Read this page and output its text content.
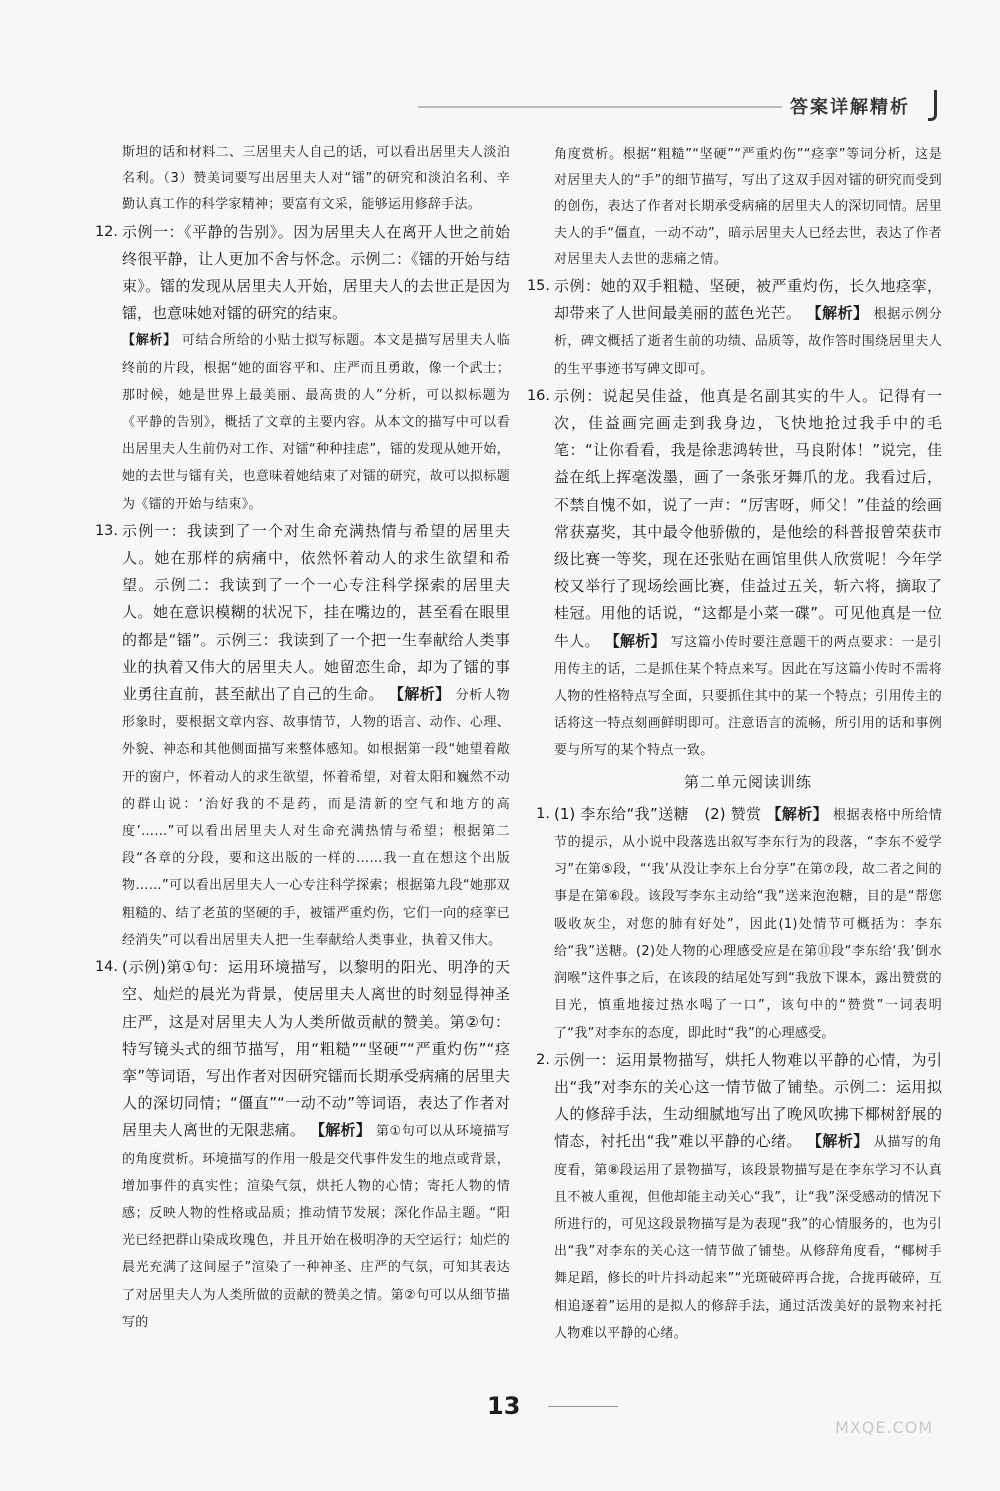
答案详解精析

斯坦的话和材料二、三居里夫人自己的话，可以看出居里夫人淡泊名利。（3）赞美词要写出居里夫人对“镭”的研究和淡泊名利、辛勤认真工作的科学家精神；要富有文采，能够运用修辞手法。

12. 示例一：《平静的告别》。因为居里夫人在离开人世之前始终很平静，让人更加不舍与怀念。示例二：《镭的开始与结束》。镭的发现从居里夫人开始，居里夫人的去世正是因为镭，也意味她对镭的研究的结束。
【解析】 可结合所给的小贴士拟写标题。本文是描写居里夫人临终前的片段，根据“她的面容平和、庄严而且勇敢，像一个武士；那时候，她是世界上最美丽、最高贵的人”分析，可以拟标题为《平静的告别》，概括了文章的主要内容。从本文的描写中可以看出居里夫人生前仍对工作、对镭“种种挂虑”，镭的发现从她开始，她的去世与镭有关，也意味着她结束了对镭的研究，故可以拟标题为《镭的开始与结束》。
13. 示例一：我读到了一个对生命充满热情与希望的居里夫人。她在那样的病痛中，依然怀着动人的求生欲望和希望。示例二：我读到了一个一心专注科学探索的居里夫人。她在意识模糊的状况下，挂在嘴边的，甚至看在眼里的都是“镭”。示例三：我读到了一个把一生奉献给人类事业的执着又伟大的居里夫人。她留恋生命，却为了镭的事业勇往直前，甚至献出了自己的生命。 【解析】 分析人物形象时，要根据文章内容、故事情节，人物的语言、动作、心理、外貌、神态和其他侧面描写来整体感知。如根据第一段“她望着敞开的窗户，怀着动人的求生欲望，怀着希望，对着太阳和巍然不动的群山说：‘治好我的不是药，而是清新的空气和地方的高度’……”可以看出居里夫人对生命充满热情与希望；根据第二段“各章的分段，要和这出版的一样的……我一直在想这个出版物……”可以看出居里夫人一心专注科学探索；根据第九段“她那双粗糙的、结了老茧的坚硬的手，被镭严重灼伤，它们一向的痉挛已经消失”可以看出居里夫人把一生奉献给人类事业，执着又伟大。
14. (示例)第①句：运用环境描写，以黎明的阳光、明净的天空、灿烂的晨光为背景，使居里夫人离世的时刻显得神圣庄严，这是对居里夫人为人类所做贡献的赞美。第②句：特写镜头式的细节描写，用“粗糙”“坚硬”“严重灼伤”“痉挛”等词语，写出作者对因研究镭而长期承受病痛的居里夫人的深切同情；“僵直”“一动不动”等词语，表达了作者对居里夫人离世的无限悲痛。 【解析】 第①句可以从环境描写的角度赏析。环境描写的作用一般是交代事件发生的地点或背景，增加事件的真实性；渲染气氛，烘托人物的心情；寄托人物的情感；反映人物的性格或品质；推动情节发展；深化作品主题。“阳光已经把群山染成玫瑰色，并且开始在极明净的天空运行；灿烂的晨光充满了这间屋子”渲染了一种神圣、庄严的气氛，可知其表达了对居里夫人为人类所做的贡献的赞美之情。第②句可以从细节描写的

角度赏析。根据“粗糙”“坚硬”“严重灼伤”“痉挛”等词分析，这是对居里夫人的“手”的细节描写，写出了这双手因对镭的研究而受到的创伤，表达了作者对长期承受病痛的居里夫人的深切同情。居里夫人的手“僵直，一动不动”，暗示居里夫人已经去世，表达了作者对居里夫人去世的悲痛之情。

15. 示例：她的双手粗糙、坚硬，被严重灼伤，长久地痉挛，却带来了人世间最美丽的蓝色光芒。 【解析】 根据示例分析，碑文概括了逝者生前的功绩、品质等，故作答时围绕居里夫人的生平事迹书写碑文即可。
16. 示例：说起吴佳益，他真是名副其实的牛人。记得有一次，佳益画完画走到我身边，飞快地抢过我手中的毛笔：“让你看看，我是徐悲鸿转世，马良附体！”说完，佳益在纸上挥毫泼墨，画了一条张牙舞爪的龙。我看过后，不禁自愧不如，说了一声：“厉害呀，师父！”佳益的绘画常获嘉奖，其中最令他骄傲的，是他绘的科普报曾荣获市级比赛一等奖，现在还张贴在画馆里供人欣赏呢！今年学校又举行了现场绘画比赛，佳益过五关，斩六将，摘取了桂冠。用他的话说，“这都是小菜一碟”。可见他真是一位牛人。 【解析】 写这篇小传时要注意题干的两点要求：一是引用传主的话，二是抓住某个特点来写。因此在写这篇小传时不需将人物的性格特点写全面，只要抓住其中的某一个特点；引用传主的话将这一特点刻画鲜明即可。注意语言的流畅，所引用的话和事例要与所写的某个特点一致。
第二单元阅读训练
1. (1) 李东给“我”送糖　(2) 赞赏 【解析】 根据表格中所给情节的提示，从小说中段落选出叙写李东行为的段落，“李东不爱学习”在第⑤段，“‘我’从没让李东上台分享”在第⑦段，故二者之间的事是在第⑥段。该段写李东主动给“我”送来泡泡糖，目的是“帮您吸收灰尘，对您的肺有好处”，因此(1)处情节可概括为：李东给“我”送糖。(2)处人物的心理感受应是在第⑪段“李东给‘我’倒水润喉”这件事之后，在该段的结尾处写到“我放下课本，露出赞赏的目光，慎重地接过热水喝了一口”，该句中的“赞赏”一词表明了“我”对李东的态度，即此时“我”的心理感受。
2. 示例一：运用景物描写，烘托人物难以平静的心情，为引出“我”对李东的关心这一情节做了铺垫。示例二：运用拟人的修辞手法，生动细腻地写出了晚风吹拂下椰树舒展的情态，衬托出“我”难以平静的心绪。 【解析】 从描写的角度看，第⑧段运用了景物描写，该段景物描写是在李东学习不认真且不被人重视，但他却能主动关心“我”，让“我”深受感动的情况下所进行的，可见这段景物描写是为表现“我”的心情服务的，也为引出“我”对李东的关心这一情节做了铺垫。从修辞角度看，“椰树手舞足蹈，修长的叶片抖动起来”“光斑破碎再合拢，合拢再破碎，互相追逐着”运用的是拟人的修辞手法，通过活泼美好的景物来衬托人物难以平静的心绪。
13
MXQE.COM
